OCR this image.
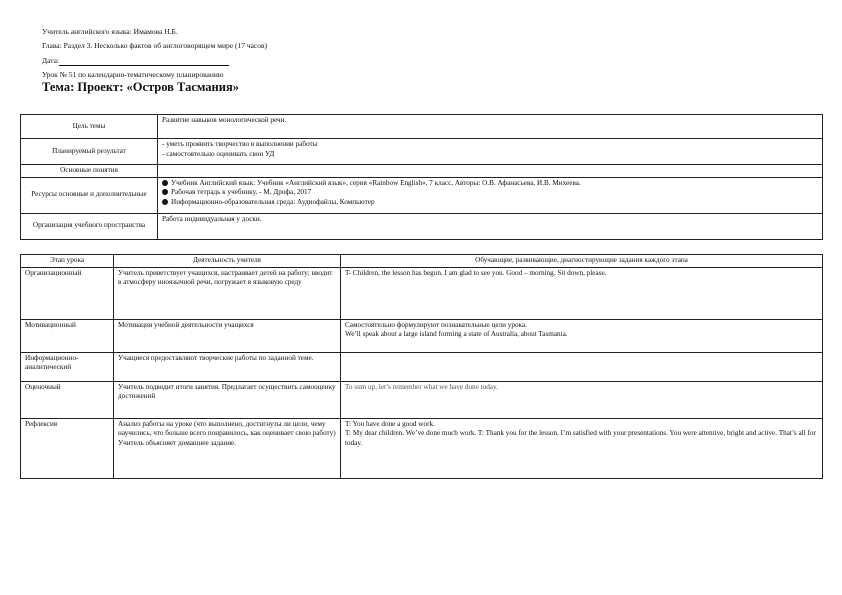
Учитель английского языка: Имамова Н.Б.
Глава: Раздел 3. Несколько фактов об англоговорящем мире (17 часов)
Дата:
Урок № 51 по календарно-тематическому планированию
Тема: Проект: «Остров Тасмания»
Цель темы	Развитие навыков монологической речи.

Планируемый результат	- уметь проявить творчество в выполнении работы
- самостоятельно оценивать свои УД

Основные понятия	
Ресурсы основные и дополнительные	Учебник Английский язык: Учебник «Английский язык», серия «Rainbow English», 7 класс, Авторы: О.В. Афанасьева, И.В. Михеева.
Рабочая тетрадь к учебнику. - М, Дрофа, 2017
Информационно-образовательная среда: Аудиофайлы, Компьютер

Организация учебного пространства	Работа индивидуальная у доски.
Этап урока	Деятельность учителя	Обучающие, развивающие, диагностирующие задания каждого этапа
Организационный	Учитель приветствует учащихся, настраивает детей на работу; вводит в атмосферу иноязычной речи, погружает в языковую среду	T- Children, the lesson has begun. I am glad to see you. Good – morning. Sit down, please.

Мотивационный	Мотивация учебной деятельности учащихся	Самостоятельно формулируют познавательные цели урока.
We’ll speak about a large island forming a state of Australia, about Tasmania.

Информационно-аналитический	Учащиеся предоставляют творческие работы по заданной теме.	
Оценочный	Учитель подводит итоги занятия. Предлагает осуществить самооценку достижений	To sum up, let’s remember what we have done today.
Рефлексия	Анализ работы на уроке (что выполнено, достигнуты ли цели, чему научились, что больше всего понравилось, как оценивает свою работу) Учитель объясняет домашнее задание.	T: You have done a good work.
T: My dear children. We’ve done much work. T: Thank you for the lesson. I’m satisfied with your presentations. You were attentive, bright and active. That’s all for today.
